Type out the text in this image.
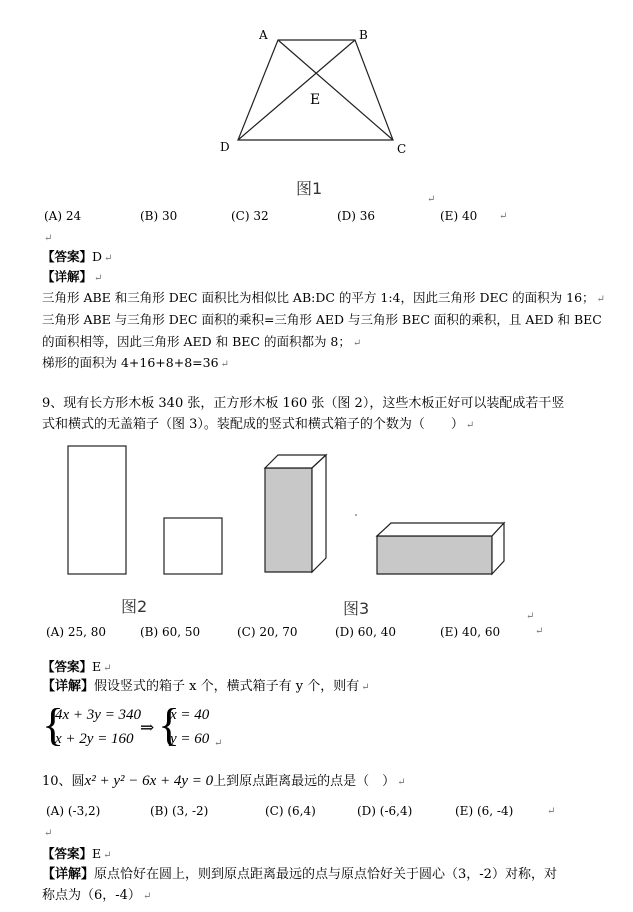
A	B
E
D	C
图1
↵
(A) 24	(B) 30	(C) 32	(D) 36	(E) 40 ↵
↵
【答案】D ↵
【详解】 ↵
三角形 ABE 和三角形 DEC 面积比为相似比 AB:DC 的平方 1:4，因此三角形 DEC 的面积为 16； ↵
三角形 ABE 与三角形 DEC 面积的乘积=三角形 AED 与三角形 BEC 面积的乘积，且 AED 和 BEC
的面积相等，因此三角形 AED 和 BEC 的面积都为 8； ↵
梯形的面积为 4+16+8+8=36 ↵
9、现有长方形木板 340 张，正方形木板 160 张（图 2），这些木板正好可以装配成若干竖
式和横式的无盖箱子（图 3）。装配成的竖式和横式箱子的个数为（　　） ↵
图2	图3	↵
(A) 25, 80	(B) 60, 50	(C) 20, 70	(D) 60, 40	(E) 40, 60	↵
【答案】E ↵
【详解】假设竖式的箱子 x 个，横式箱子有 y 个，则有 ↵
{
4x + 3y = 340
x + 2y = 160
⇒ {
x = 40
y = 60 ↵
10、圆x² + y² − 6x + 4y = 0上到原点距离最远的点是（　） ↵
(A) (-3,2)	(B) (3, -2)	(C) (6,4)	(D) (-6,4)	(E) (6, -4)	↵
↵
【答案】E ↵
【详解】原点恰好在圆上，则到原点距离最远的点与原点恰好关于圆心（3，-2）对称，对
称点为（6，-4） ↵
